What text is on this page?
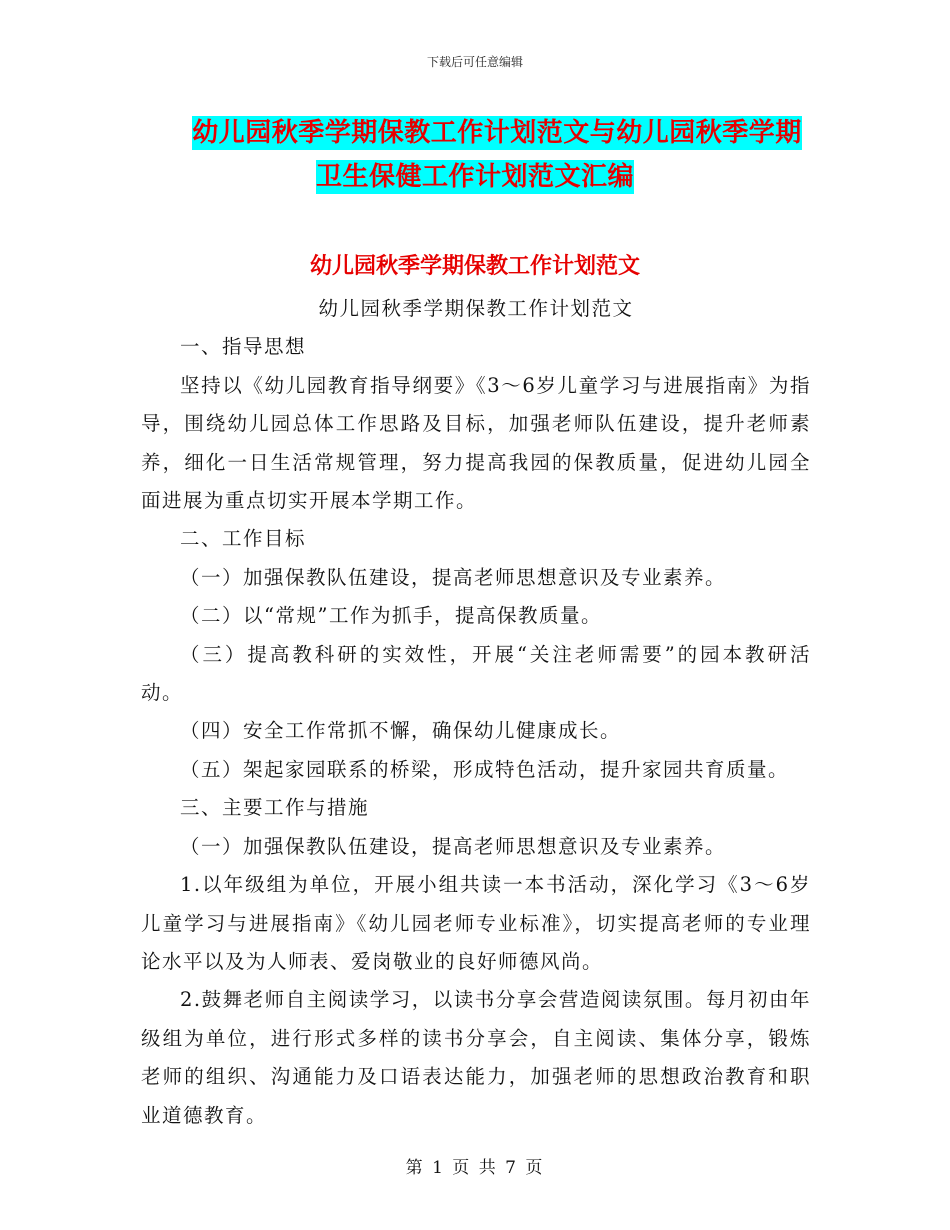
下载后可任意编辑
幼儿园秋季学期保教工作计划范文与幼儿园秋季学期
卫生保健工作计划范文汇编
幼儿园秋季学期保教工作计划范文

幼儿园秋季学期保教工作计划范文

一、指导思想

坚持以《幼儿园教育指导纲要》《3～6岁儿童学习与进展指南》为指导，围绕幼儿园总体工作思路及目标，加强老师队伍建设，提升老师素养，细化一日生活常规管理，努力提高我园的保教质量，促进幼儿园全面进展为重点切实开展本学期工作。

二、工作目标

（一）加强保教队伍建设，提高老师思想意识及专业素养。

（二）以“常规”工作为抓手，提高保教质量。

（三）提高教科研的实效性，开展“关注老师需要”的园本教研活动。

（四）安全工作常抓不懈，确保幼儿健康成长。

（五）架起家园联系的桥梁，形成特色活动，提升家园共育质量。

三、主要工作与措施

（一）加强保教队伍建设，提高老师思想意识及专业素养。

1.以年级组为单位，开展小组共读一本书活动，深化学习《3～6岁儿童学习与进展指南》《幼儿园老师专业标准》，切实提高老师的专业理论水平以及为人师表、爱岗敬业的良好师德风尚。

2.鼓舞老师自主阅读学习，以读书分享会营造阅读氛围。每月初由年级组为单位，进行形式多样的读书分享会，自主阅读、集体分享，锻炼老师的组织、沟通能力及口语表达能力，加强老师的思想政治教育和职业道德教育。

第 1 页 共 7 页
